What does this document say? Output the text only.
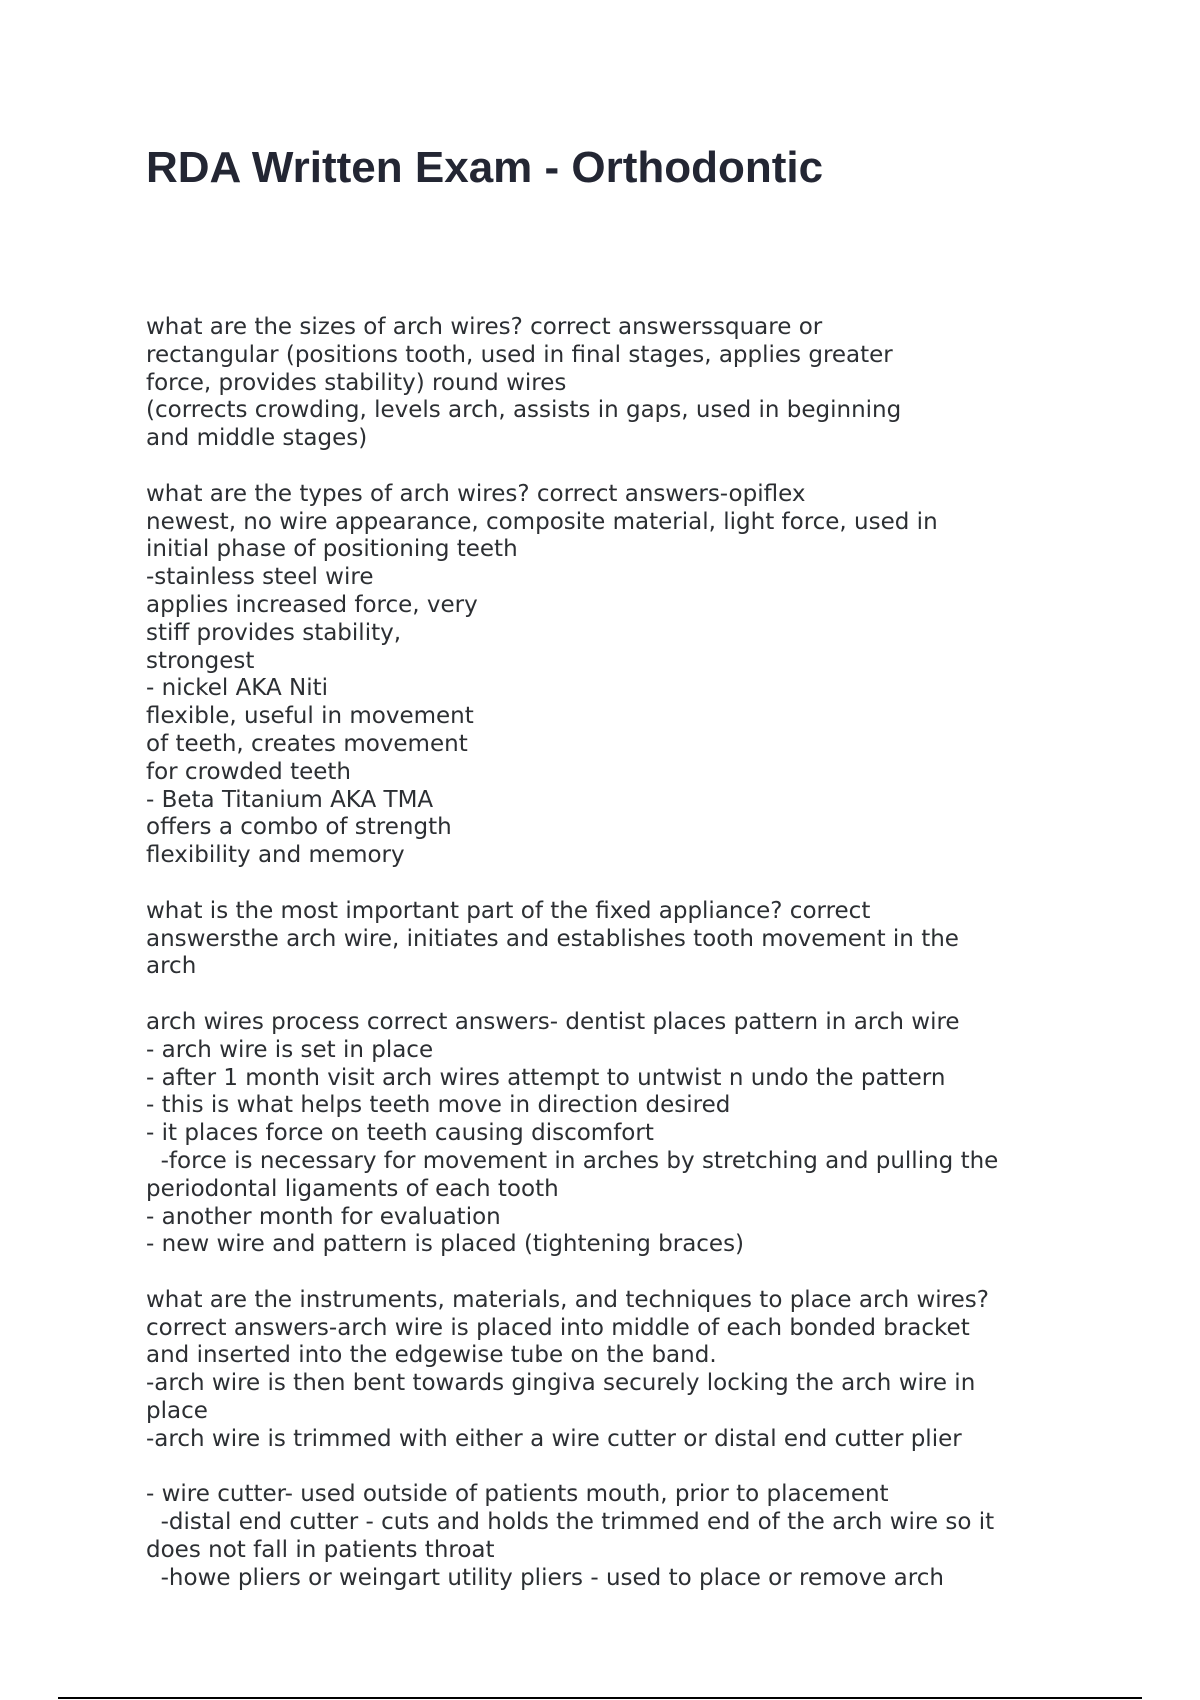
RDA Written Exam - Orthodontic
what are the sizes of arch wires? correct answerssquare or
rectangular (positions tooth, used in final stages, applies greater
force, provides stability) round wires
(corrects crowding, levels arch, assists in gaps, used in beginning
and middle stages)
what are the types of arch wires? correct answers-opiflex
newest, no wire appearance, composite material, light force, used in
initial phase of positioning teeth
-stainless steel wire
applies increased force, very
stiff provides stability,
strongest
- nickel AKA Niti
flexible, useful in movement
of teeth, creates movement
for crowded teeth
- Beta Titanium AKA TMA
offers a combo of strength
flexibility and memory
what is the most important part of the fixed appliance? correct
answersthe arch wire, initiates and establishes tooth movement in the
arch
arch wires process correct answers- dentist places pattern in arch wire
- arch wire is set in place
- after 1 month visit arch wires attempt to untwist n undo the pattern
- this is what helps teeth move in direction desired
- it places force on teeth causing discomfort
-force is necessary for movement in arches by stretching and pulling the
periodontal ligaments of each tooth
- another month for evaluation
- new wire and pattern is placed (tightening braces)
what are the instruments, materials, and techniques to place arch wires?
correct answers-arch wire is placed into middle of each bonded bracket
and inserted into the edgewise tube on the band.
-arch wire is then bent towards gingiva securely locking the arch wire in
place
-arch wire is trimmed with either a wire cutter or distal end cutter plier
- wire cutter- used outside of patients mouth, prior to placement
-distal end cutter - cuts and holds the trimmed end of the arch wire so it
does not fall in patients throat
-howe pliers or weingart utility pliers - used to place or remove arch
